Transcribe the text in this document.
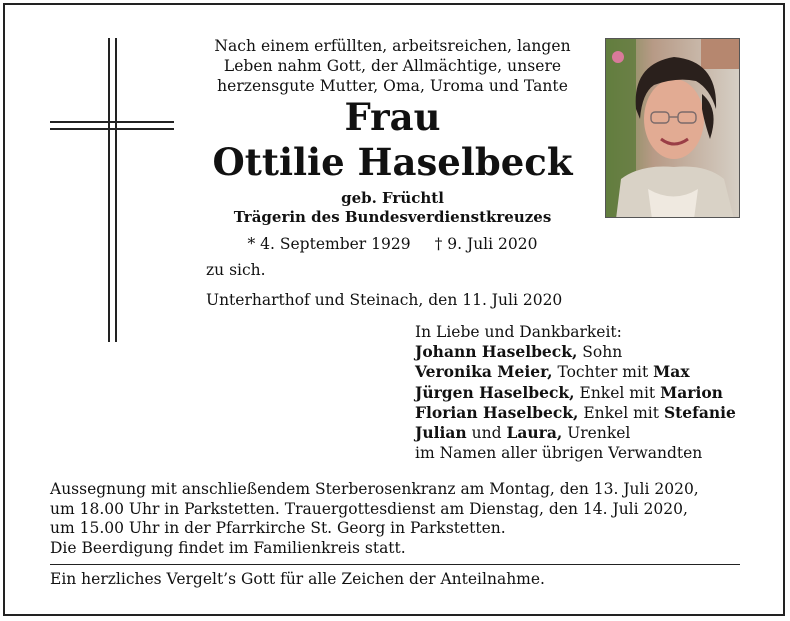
Nach einem erfüllten, arbeitsreichen, langen
Leben nahm Gott, der Allmächtige, unsere
herzensgute Mutter, Oma, Uroma und Tante
Frau
Ottilie Haselbeck
geb. Früchtl
Trägerin des Bundesverdienstkreuzes
* 4. September 1929 † 9. Juli 2020
zu sich.
Unterharthof und Steinach, den 11. Juli 2020
In Liebe und Dankbarkeit:
Johann Haselbeck, Sohn
Veronika Meier, Tochter mit Max
Jürgen Haselbeck, Enkel mit Marion
Florian Haselbeck, Enkel mit Stefanie
Julian und Laura, Urenkel
im Namen aller übrigen Verwandten
Aussegnung mit anschließendem Sterberosenkranz am Montag, den 13. Juli 2020,
um 18.00 Uhr in Parkstetten. Trauergottesdienst am Dienstag, den 14. Juli 2020,
um 15.00 Uhr in der Pfarrkirche St. Georg in Parkstetten.
Die Beerdigung findet im Familienkreis statt.
Ein herzliches Vergelt’s Gott für alle Zeichen der Anteilnahme.
